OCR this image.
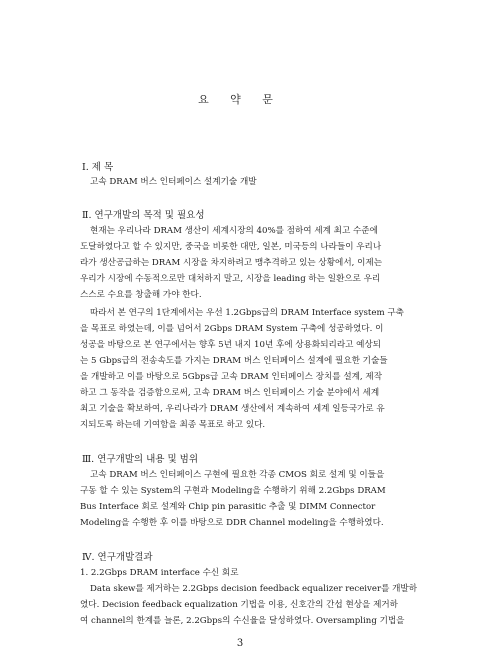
요 약 문
Ⅰ. 제 목
고속 DRAM 버스 인터페이스 설계기술 개발
Ⅱ. 연구개발의 목적 및 필요성
현재는 우리나라 DRAM 생산이 세계시장의 40%를 점하여 세계 최고 수준에
도달하였다고 할 수 있지만, 중국을 비롯한 대만, 일본, 미국등의 나라들이 우리나
라가 생산공급하는 DRAM 시장을 차지하려고 맹추격하고 있는 상황에서, 이제는
우리가 시장에 수동적으로만 대처하지 말고, 시장을 leading 하는 일환으로 우리
스스로 수요를 창출해 가야 한다.
따라서 본 연구의 1단계에서는 우선 1.2Gbps급의 DRAM Interface system 구축
을 목표로 하였는데, 이를 넘어서 2Gbps DRAM System 구축에 성공하였다. 이
성공을 바탕으로 본 연구에서는 향후 5년 내지 10년 후에 상용화되리라고 예상되
는 5 Gbps급의 전송속도를 가지는 DRAM 버스 인터페이스 설계에 필요한 기술들
을 개발하고 이를 바탕으로 5Gbps급 고속 DRAM 인터페이스 장치를 설계, 제작
하고 그 동작을 검증함으로써, 고속 DRAM 버스 인터페이스 기술 분야에서 세계
최고 기술을 확보하여, 우리나라가 DRAM 생산에서 계속하여 세계 일등국가로 유
지되도록 하는데 기여함을 최종 목표로 하고 있다.
Ⅲ. 연구개발의 내용 및 범위
고속 DRAM 버스 인터페이스 구현에 필요한 각종 CMOS 회로 설계 및 이들을
구동 할 수 있는 System의 구현과 Modeling을 수행하기 위해 2.2Gbps DRAM
Bus Interface 회로 설계와 Chip pin parasitic 추출 및 DIMM Connector
Modeling을 수행한 후 이를 바탕으로 DDR Channel modeling을 수행하였다.
Ⅳ. 연구개발결과
1. 2.2Gbps DRAM interface 수신 회로
Data skew를 제거하는 2.2Gbps decision feedback equalizer receiver를 개발하
였다. Decision feedback equalization 기법을 이용, 신호간의 간섭 현상을 제거하
여 channel의 한계를 늘론, 2.2Gbps의 수신율을 달성하였다. Oversampling 기법을
3
